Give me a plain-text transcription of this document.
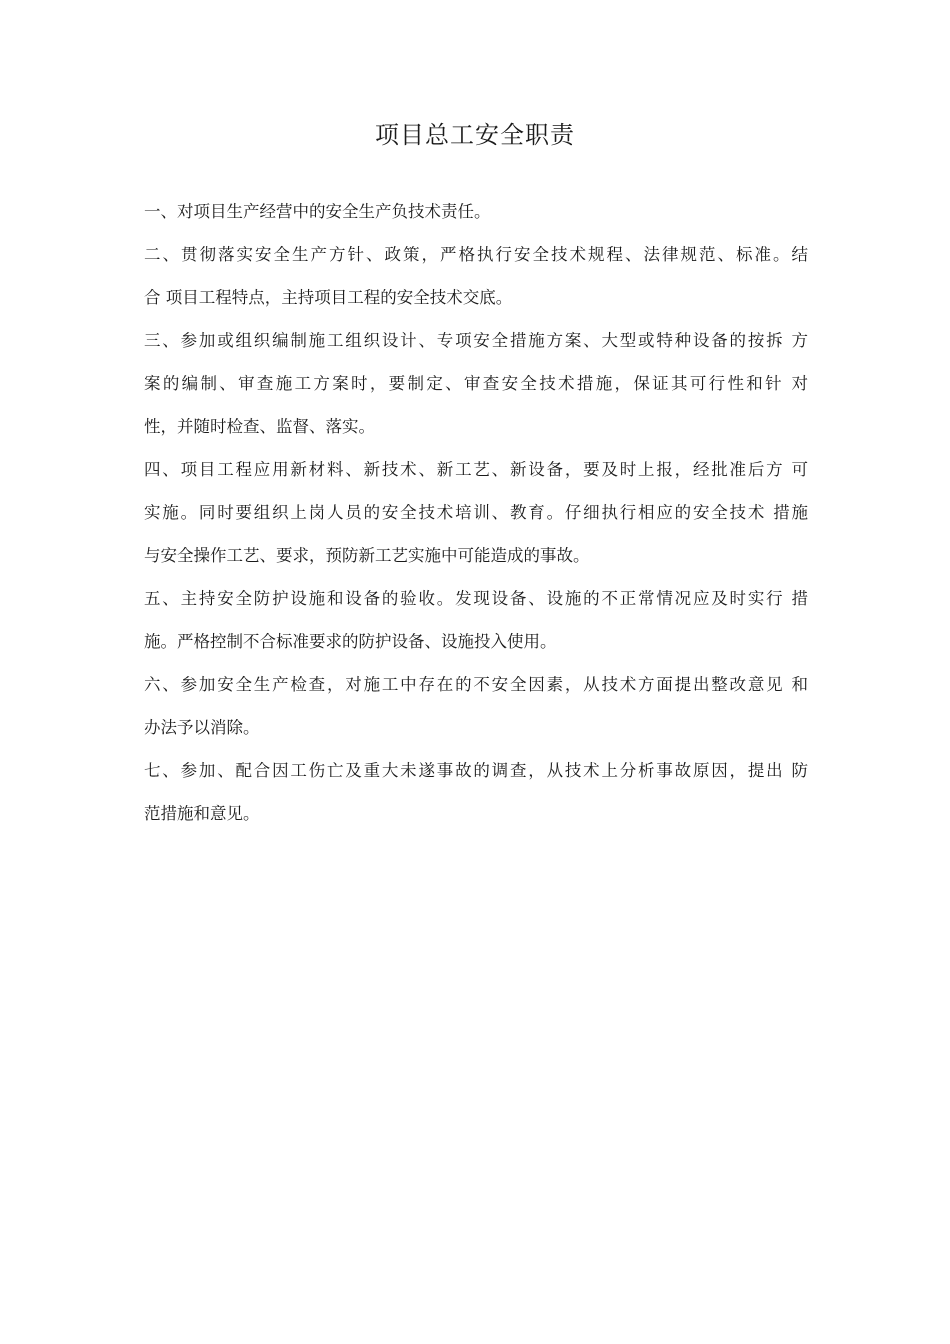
项目总工安全职责
一、对项目生产经营中的安全生产负技术责任。
二、贯彻落实安全生产方针、政策，严格执行安全技术规程、法律规范、标准。结
合 项目工程特点，主持项目工程的安全技术交底。
三、参加或组织编制施工组织设计、专项安全措施方案、大型或特种设备的按拆 方
案的编制、审查施工方案时，要制定、审查安全技术措施，保证其可行性和针 对
性，并随时检查、监督、落实。
四、项目工程应用新材料、新技术、新工艺、新设备，要及时上报，经批准后方 可
实施。同时要组织上岗人员的安全技术培训、教育。仔细执行相应的安全技术 措施
与安全操作工艺、要求，预防新工艺实施中可能造成的事故。
五、主持安全防护设施和设备的验收。发现设备、设施的不正常情况应及时实行 措
施。严格控制不合标准要求的防护设备、设施投入使用。
六、参加安全生产检查，对施工中存在的不安全因素，从技术方面提出整改意见 和
办法予以消除。
七、参加、配合因工伤亡及重大未遂事故的调查，从技术上分析事故原因，提出 防
范措施和意见。
